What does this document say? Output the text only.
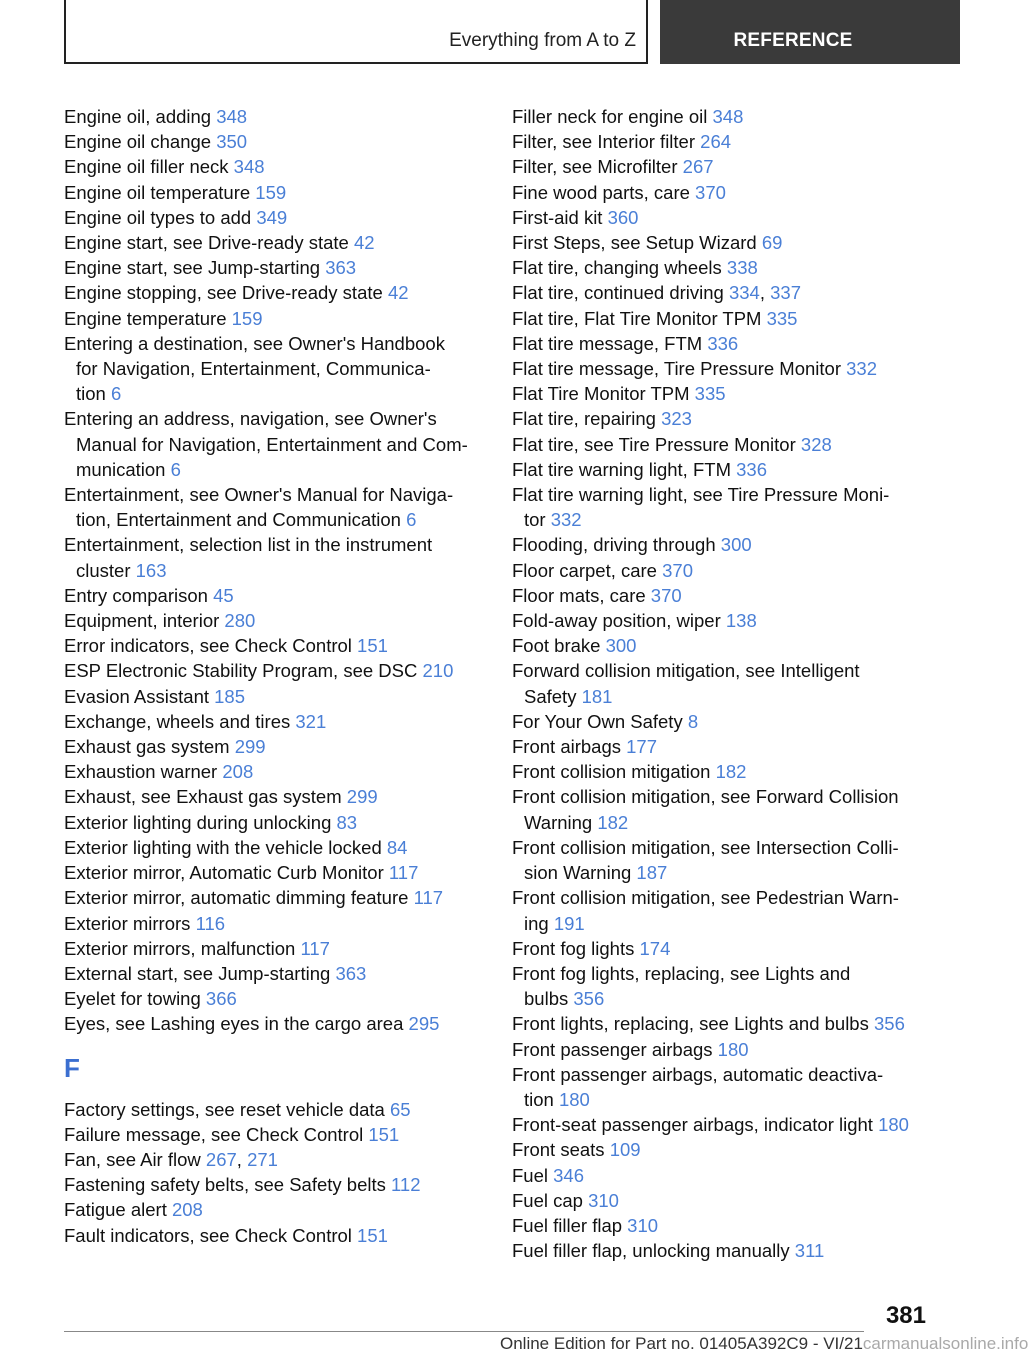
Everything from A to Z	REFERENCE
Engine oil, adding 348
Engine oil change 350
Engine oil filler neck 348
Engine oil temperature 159
Engine oil types to add 349
Engine start, see Drive-ready state 42
Engine start, see Jump-starting 363
Engine stopping, see Drive-ready state 42
Engine temperature 159
Entering a destination, see Owner's Handbook
for Navigation, Entertainment, Communica-
tion 6
Entering an address, navigation, see Owner's
Manual for Navigation, Entertainment and Com-
munication 6
Entertainment, see Owner's Manual for Naviga-
tion, Entertainment and Communication 6
Entertainment, selection list in the instrument
cluster 163
Entry comparison 45
Equipment, interior 280
Error indicators, see Check Control 151
ESP Electronic Stability Program, see DSC 210
Evasion Assistant 185
Exchange, wheels and tires 321
Exhaust gas system 299
Exhaustion warner 208
Exhaust, see Exhaust gas system 299
Exterior lighting during unlocking 83
Exterior lighting with the vehicle locked 84
Exterior mirror, Automatic Curb Monitor 117
Exterior mirror, automatic dimming feature 117
Exterior mirrors 116
Exterior mirrors, malfunction 117
External start, see Jump-starting 363
Eyelet for towing 366
Eyes, see Lashing eyes in the cargo area 295
F
Factory settings, see reset vehicle data 65
Failure message, see Check Control 151
Fan, see Air flow 267, 271
Fastening safety belts, see Safety belts 112
Fatigue alert 208
Fault indicators, see Check Control 151
Filler neck for engine oil 348
Filter, see Interior filter 264
Filter, see Microfilter 267
Fine wood parts, care 370
First-aid kit 360
First Steps, see Setup Wizard 69
Flat tire, changing wheels 338
Flat tire, continued driving 334, 337
Flat tire, Flat Tire Monitor TPM 335
Flat tire message, FTM 336
Flat tire message, Tire Pressure Monitor 332
Flat Tire Monitor TPM 335
Flat tire, repairing 323
Flat tire, see Tire Pressure Monitor 328
Flat tire warning light, FTM 336
Flat tire warning light, see Tire Pressure Moni-
tor 332
Flooding, driving through 300
Floor carpet, care 370
Floor mats, care 370
Fold-away position, wiper 138
Foot brake 300
Forward collision mitigation, see Intelligent
Safety 181
For Your Own Safety 8
Front airbags 177
Front collision mitigation 182
Front collision mitigation, see Forward Collision
Warning 182
Front collision mitigation, see Intersection Colli-
sion Warning 187
Front collision mitigation, see Pedestrian Warn-
ing 191
Front fog lights 174
Front fog lights, replacing, see Lights and
bulbs 356
Front lights, replacing, see Lights and bulbs 356
Front passenger airbags 180
Front passenger airbags, automatic deactiva-
tion 180
Front-seat passenger airbags, indicator light 180
Front seats 109
Fuel 346
Fuel cap 310
Fuel filler flap 310
Fuel filler flap, unlocking manually 311
381
Online Edition for Part no. 01405A392C9 - VI/21carmanualsonline.info
